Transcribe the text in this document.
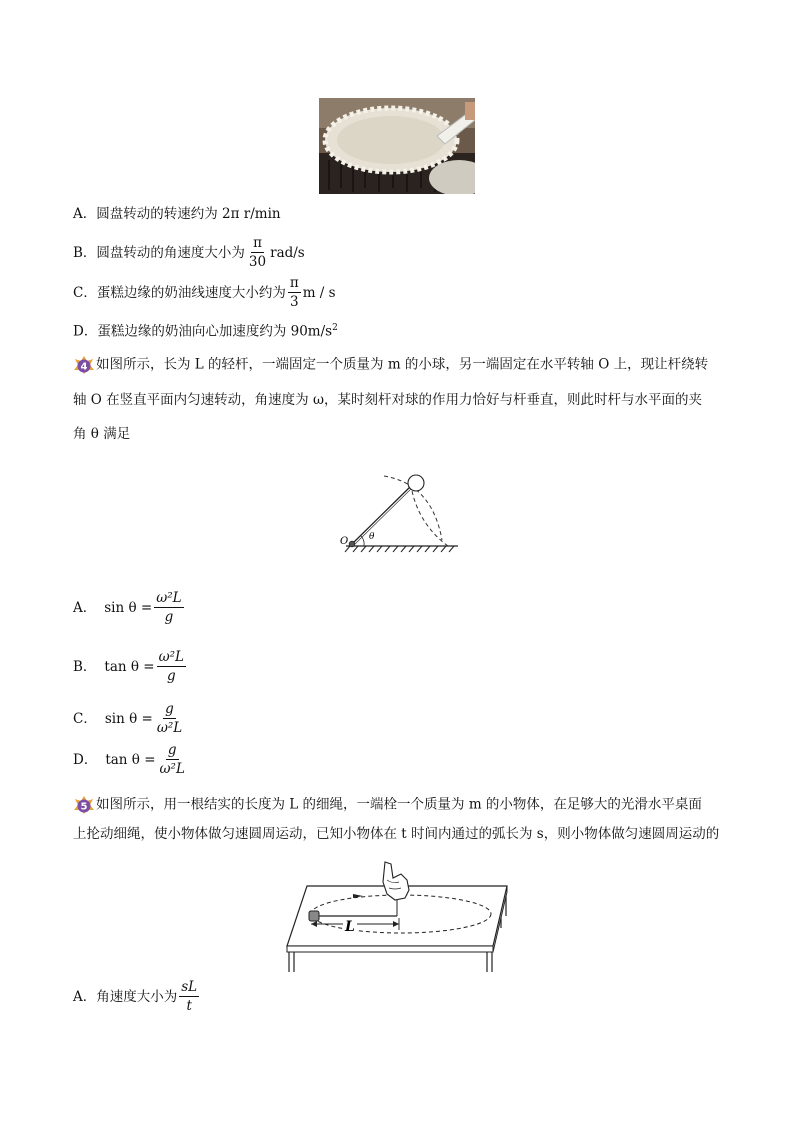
A．圆盘转动的转速约为 2π r/min
B． 圆盘转动的角速度大小为 $\frac{\pi}{30} rad/s$
C． 蛋糕边缘的奶油线速度大小约为 $\frac{\pi}{3}$ m / s
D．蛋糕边缘的奶油向心加速度约为 $90m/s^2$
4 如图所示，长为 L 的轻杆，一端固定一个质量为 m 的小球，另一端固定在水平转轴 O 上，现让杆绕转
轴 O 在竖直平面内匀速转动，角速度为 ω，某时刻杆对球的作用力恰好与杆垂直，则此时杆与水平面的夹
角 θ 满足
O θ
A． $\sin \theta = \frac{\text{ω²L}}{g}$
B． $\tan \theta = \frac{\text{ω²L}}{g}$
C． $\sin \theta = \frac{g}{\text{ω²L}}$
D． $\tan \theta = \frac{g}{\text{ω²L}}$
5 如图所示，用一根结实的长度为 L 的细绳，一端栓一个质量为 m 的小物体，在足够大的光滑水平桌面
上抡动细绳，使小物体做匀速圆周运动，已知小物体在 t 时间内通过的弧长为 s，则小物体做匀速圆周运动的
L
A． 角速度大小为 $\frac{sL}{t}$
